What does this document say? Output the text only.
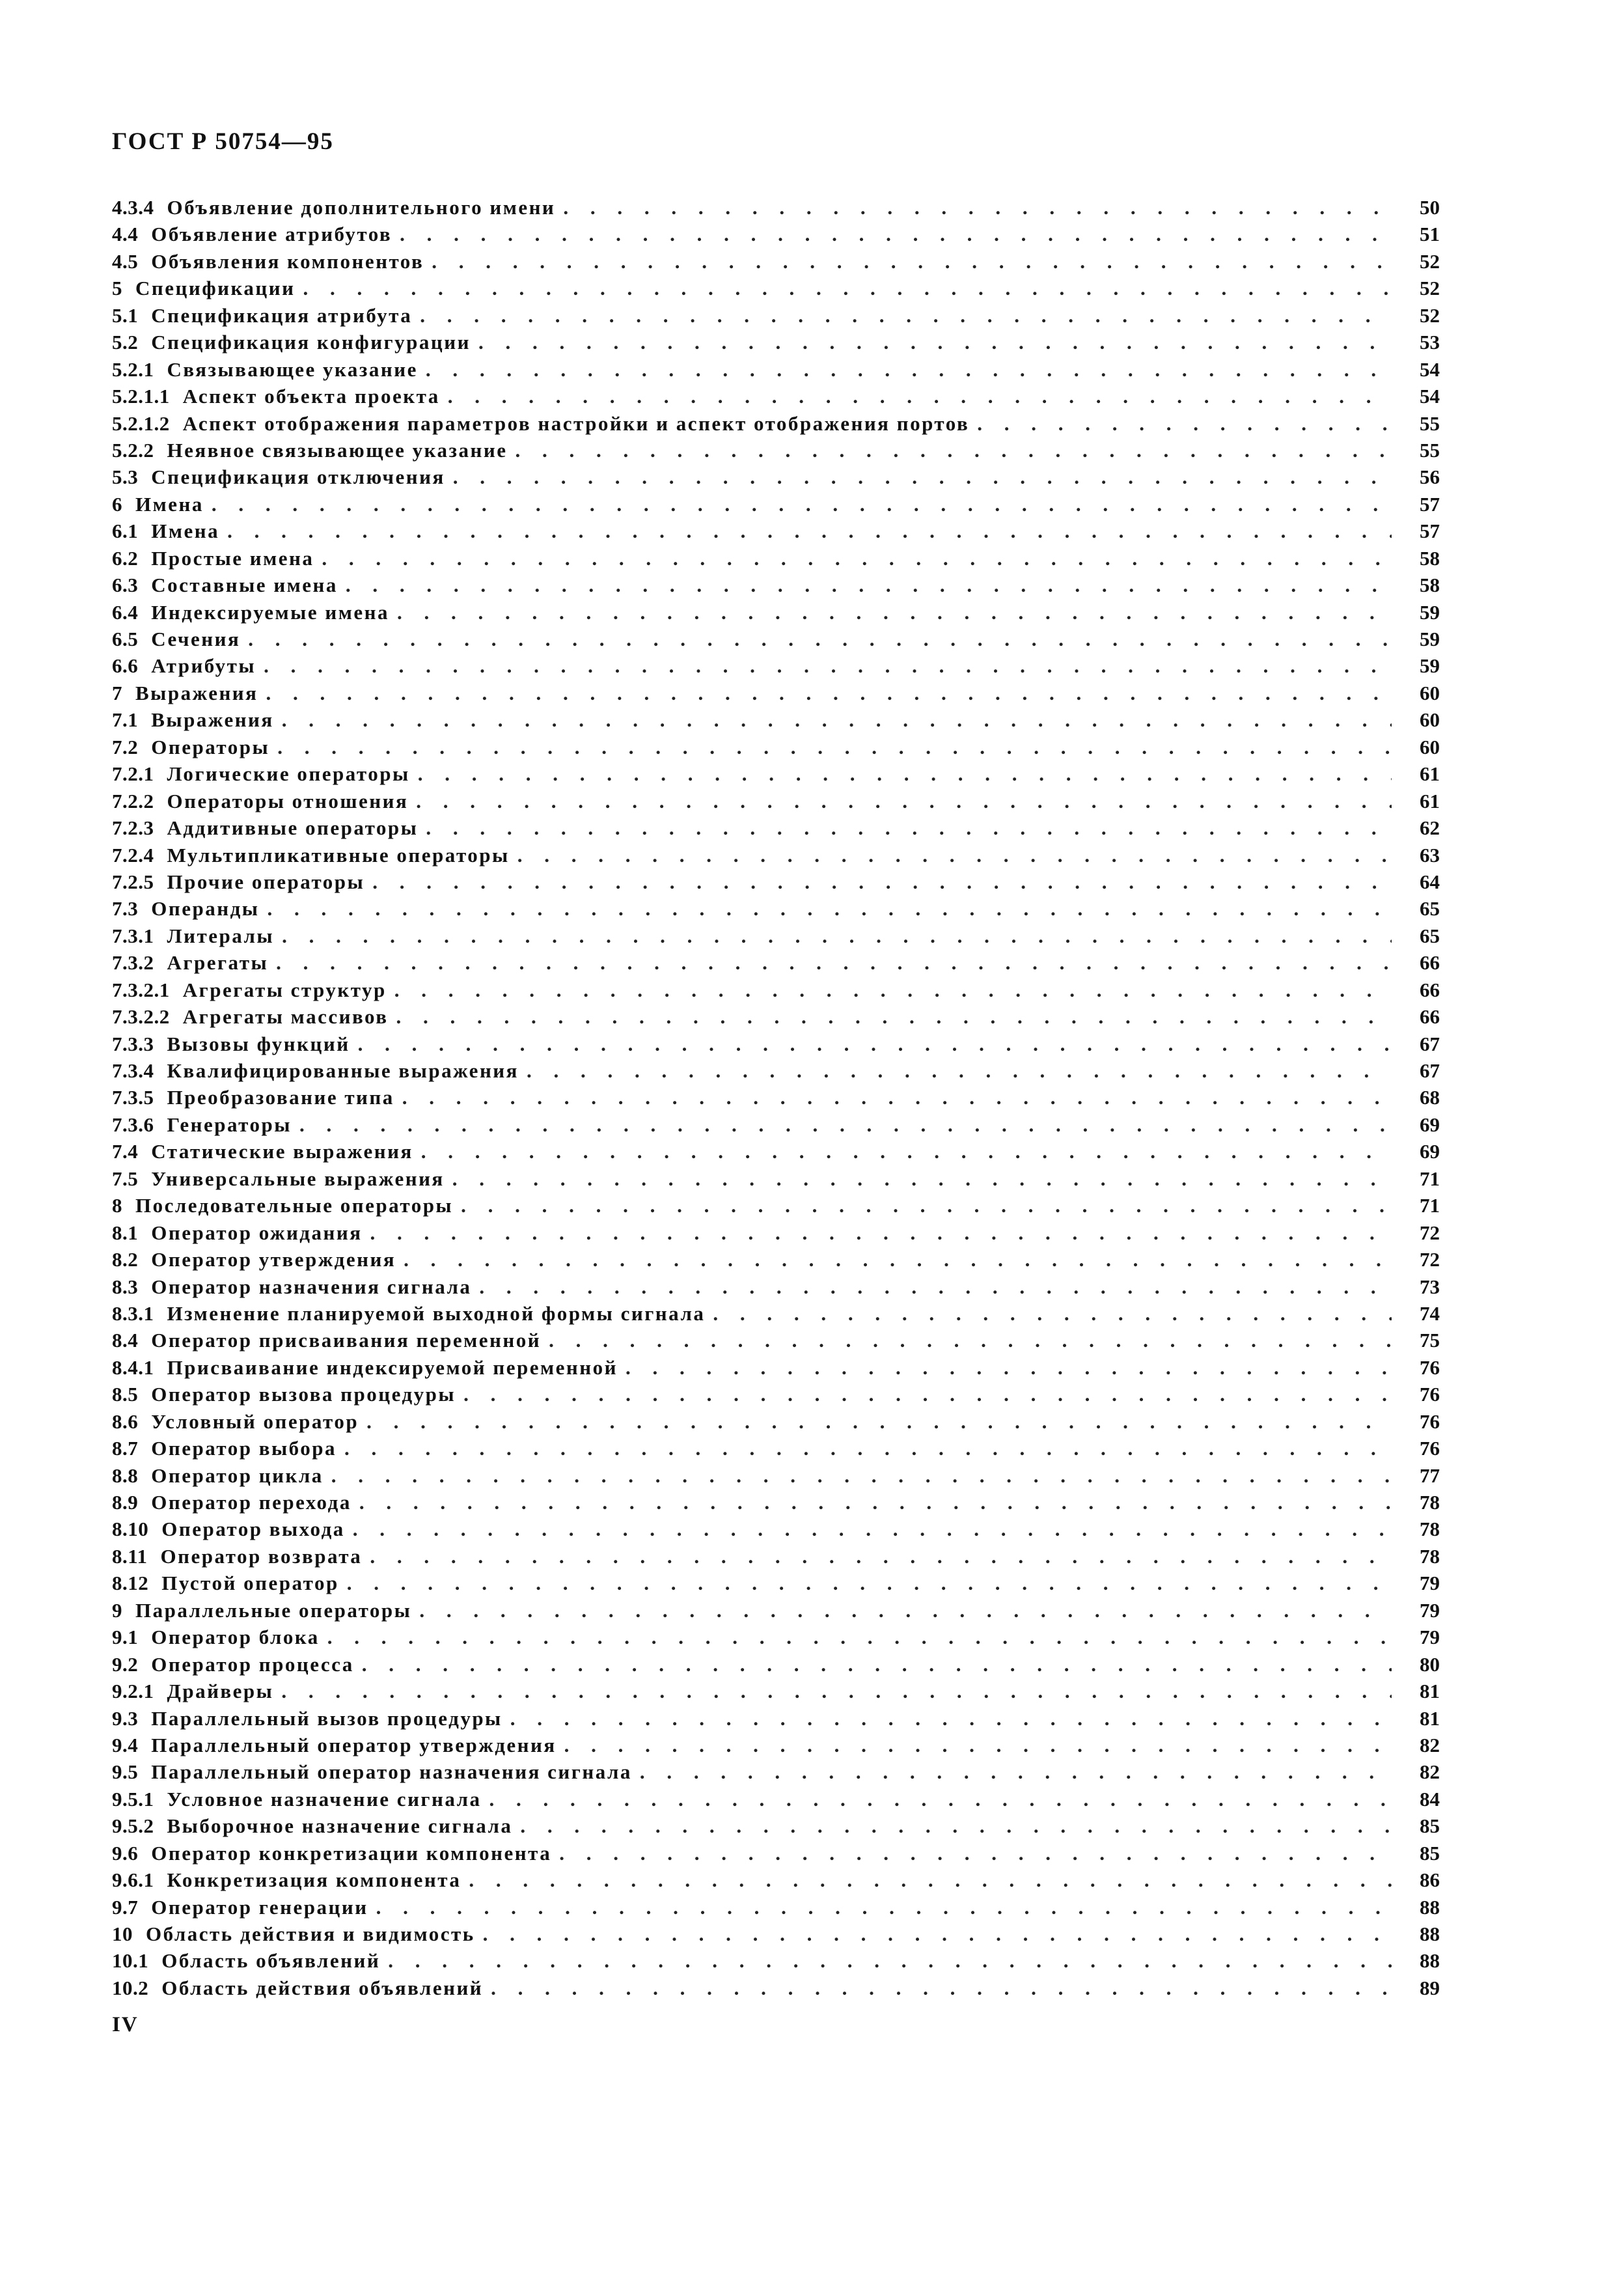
ГОСТ Р 50754—95
4.3.4 Объявление дополнительного имени . . .	50
4.4 Объявление атрибутов . . .	51
4.5 Объявления компонентов . . .	52
5 Спецификации . . .	52
5.1 Спецификация атрибута . . .	52
5.2 Спецификация конфигурации . . .	53
5.2.1 Связывающее указание . . .	54
5.2.1.1 Аспект объекта проекта . . .	54
5.2.1.2 Аспект отображения параметров настройки и аспект отображения портов . . .	55
5.2.2 Неявное связывающее указание . . .	55
5.3 Спецификация отключения . . .	56
6 Имена . . .	57
6.1 Имена . . .	57
6.2 Простые имена . . .	58
6.3 Составные имена . . .	58
6.4 Индексируемые имена . . .	59
6.5 Сечения . . .	59
6.6 Атрибуты . . .	59
7 Выражения . . .	60
7.1 Выражения . . .	60
7.2 Операторы . . .	60
7.2.1 Логические операторы . . .	61
7.2.2 Операторы отношения . . .	61
7.2.3 Аддитивные операторы . . .	62
7.2.4 Мультипликативные операторы . . .	63
7.2.5 Прочие операторы . . .	64
7.3 Операнды . . .	65
7.3.1 Литералы . . .	65
7.3.2 Агрегаты . . .	66
7.3.2.1 Агрегаты структур . . .	66
7.3.2.2 Агрегаты массивов . . .	66
7.3.3 Вызовы функций . . .	67
7.3.4 Квалифицированные выражения . . .	67
7.3.5 Преобразование типа . . .	68
7.3.6 Генераторы . . .	69
7.4 Статические выражения . . .	69
7.5 Универсальные выражения . . .	71
8 Последовательные операторы . . .	71
8.1 Оператор ожидания . . .	72
8.2 Оператор утверждения . . .	72
8.3 Оператор назначения сигнала . . .	73
8.3.1 Изменение планируемой выходной формы сигнала . . .	74
8.4 Оператор присваивания переменной . . .	75
8.4.1 Присваивание индексируемой переменной . . .	76
8.5 Оператор вызова процедуры . . .	76
8.6 Условный оператор . . .	76
8.7 Оператор выбора . . .	76
8.8 Оператор цикла . . .	77
8.9 Оператор перехода . . .	78
8.10 Оператор выхода . . .	78
8.11 Оператор возврата . . .	78
8.12 Пустой оператор . . .	79
9 Параллельные операторы . . .	79
9.1 Оператор блока . . .	79
9.2 Оператор процесса . . .	80
9.2.1 Драйверы . . .	81
9.3 Параллельный вызов процедуры . . .	81
9.4 Параллельный оператор утверждения . . .	82
9.5 Параллельный оператор назначения сигнала . . .	82
9.5.1 Условное назначение сигнала . . .	84
9.5.2 Выборочное назначение сигнала . . .	85
9.6 Оператор конкретизации компонента . . .	85
9.6.1 Конкретизация компонента . . .	86
9.7 Оператор генерации . . .	88
10 Область действия и видимость . . .	88
10.1 Область объявлений . . .	88
10.2 Область действия объявлений . . .	89
IV
